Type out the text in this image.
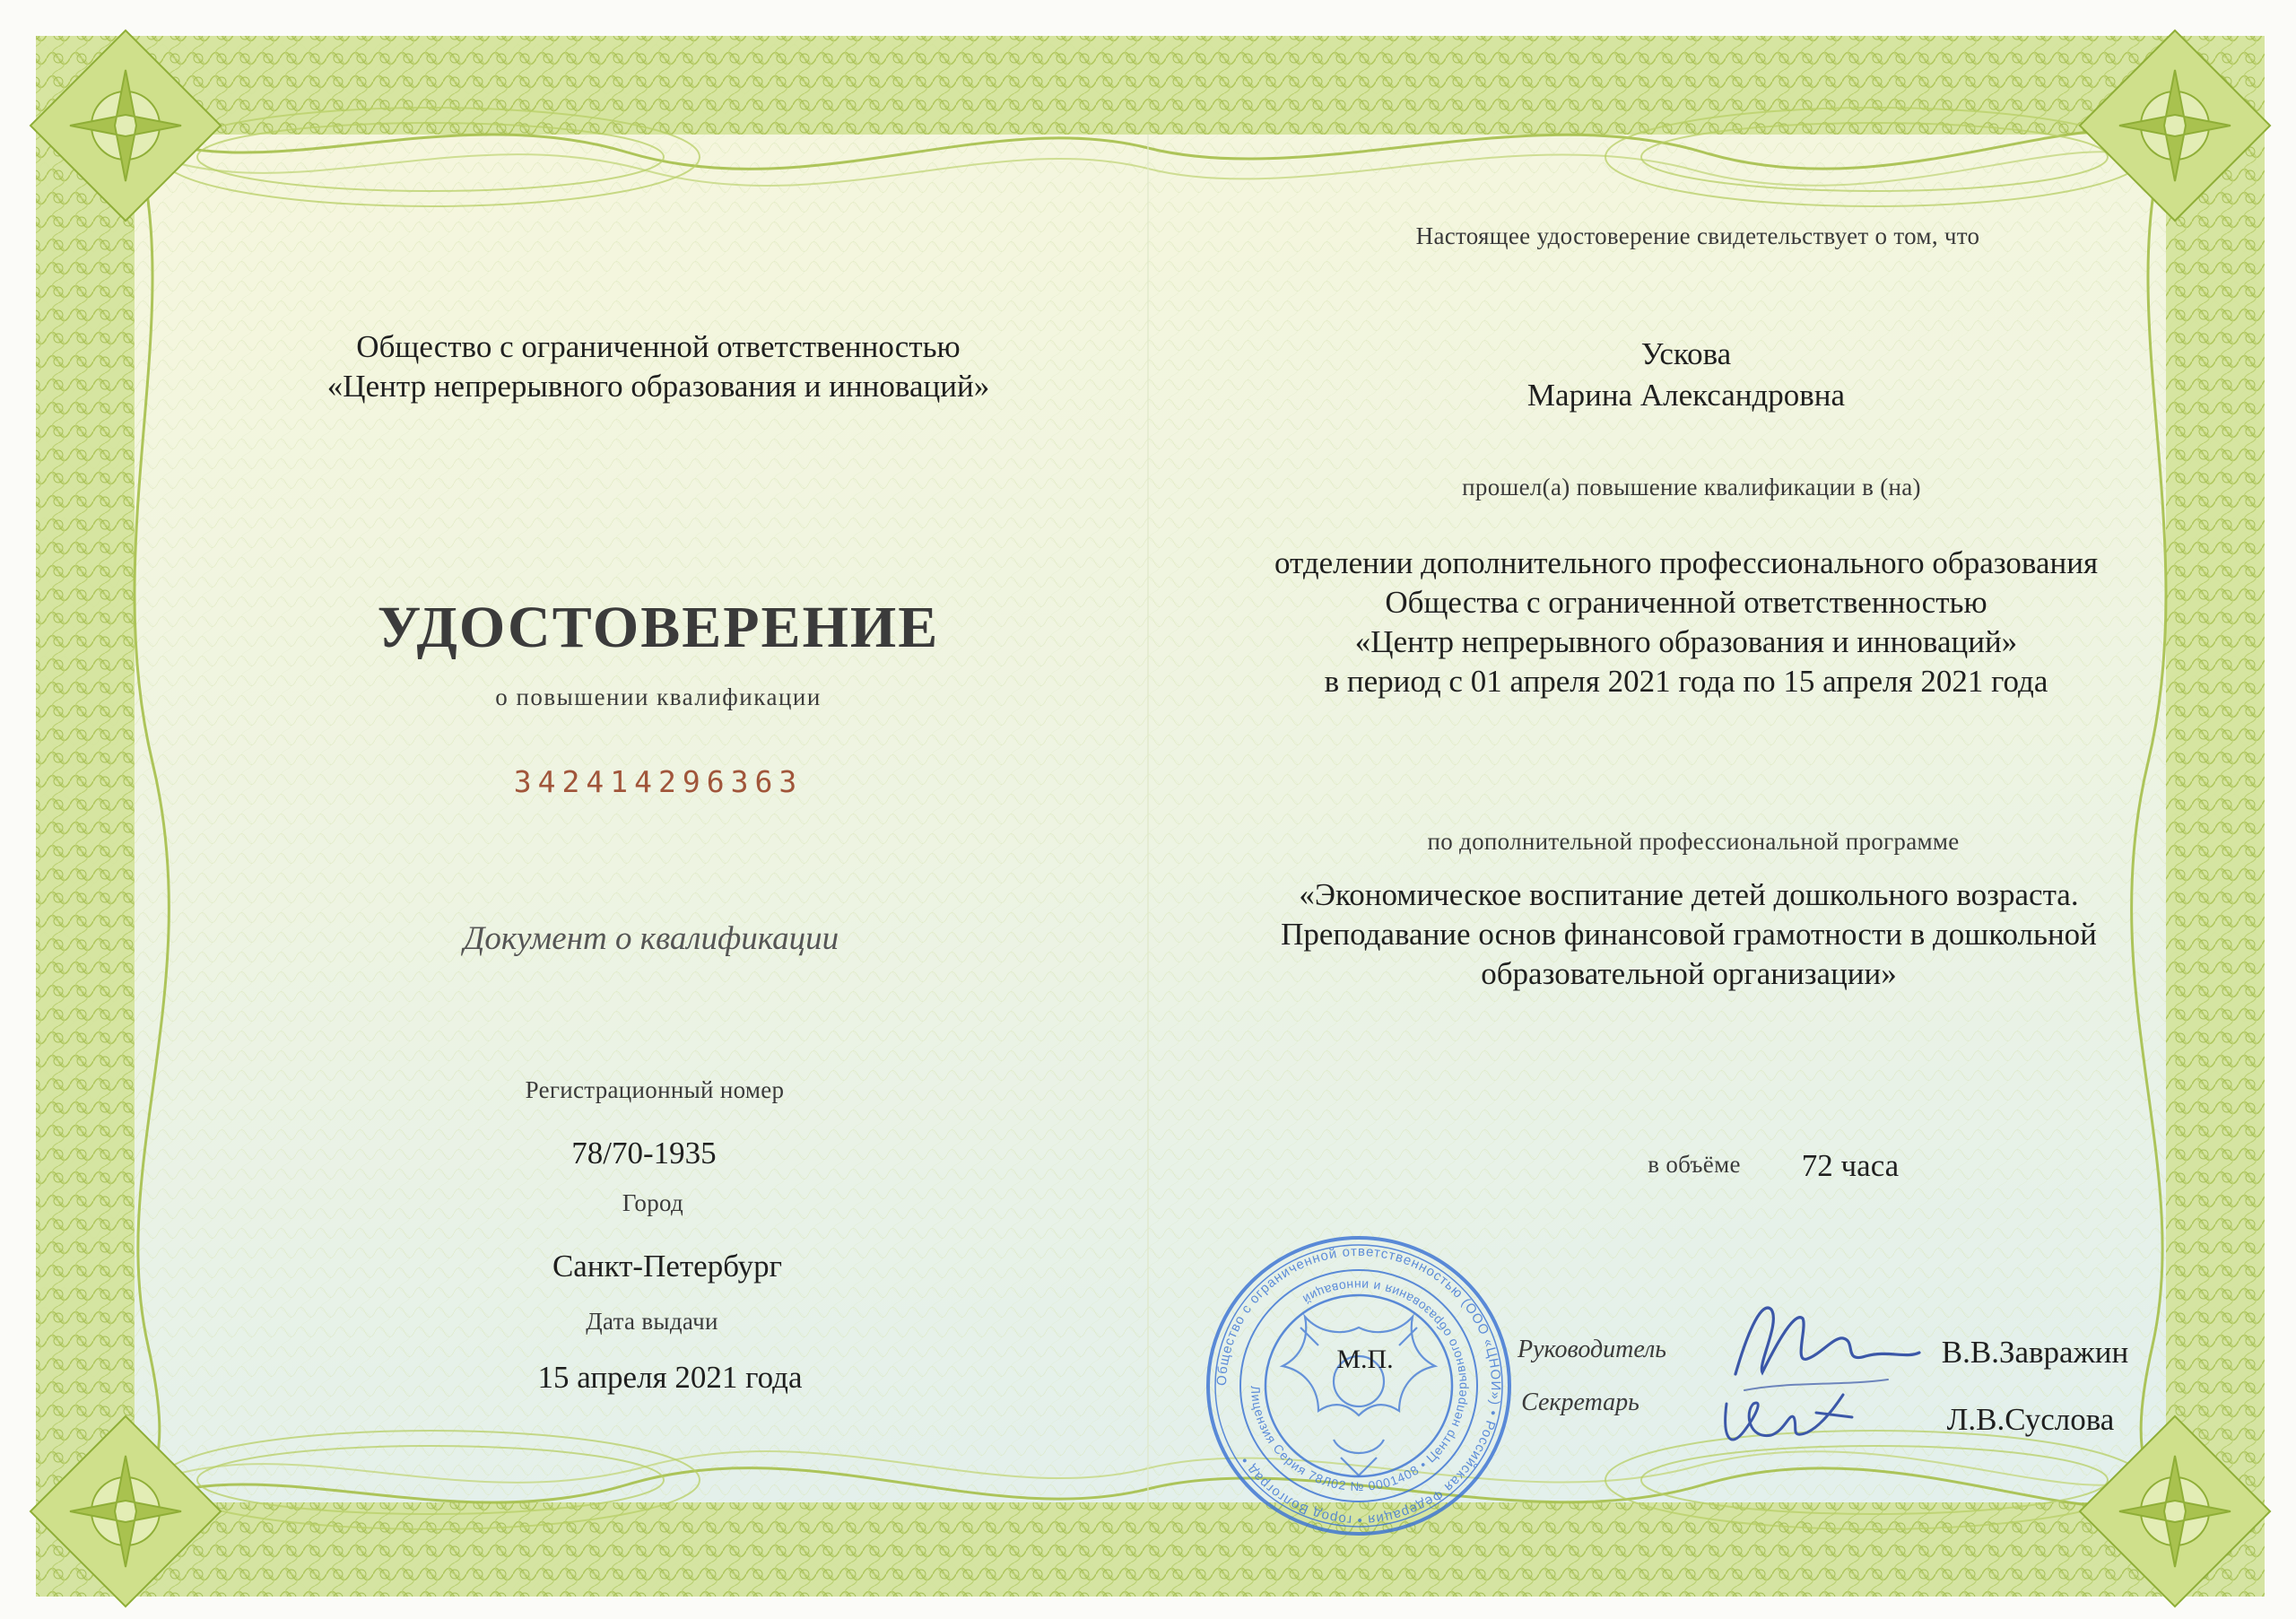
Общество с ограниченной ответственностью
«Центр непрерывного образования и инноваций»
УДОСТОВЕРЕНИЕ
о повышении квалификации
342414296363
Документ о квалификации
Регистрационный номер
78/70-1935
Город
Санкт-Петербург
Дата выдачи
15 апреля 2021 года
Настоящее удостоверение свидетельствует о том, что
Ускова
Марина Александровна
прошел(а) повышение квалификации в (на)
отделении дополнительного профессионального образования
Общества с ограниченной ответственностью
«Центр непрерывного образования и инноваций»
в период с 01 апреля 2021 года по 15 апреля 2021 года
по дополнительной профессиональной программе
«Экономическое воспитание детей дошкольного возраста.
Преподавание основ финансовой грамотности в дошкольной
образовательной организации»
в объёме 72 часа
Общество с ограниченной ответственностью (ООО «ЦНОИ») • Российская Федерация • город Волгоград •
Лицензия Серия 78Л02 № 0001408 • Центр непрерывного образования и инноваций
М.П.	Руководитель
Секретарь
В.В.Завражин
Л.В.Суслова
